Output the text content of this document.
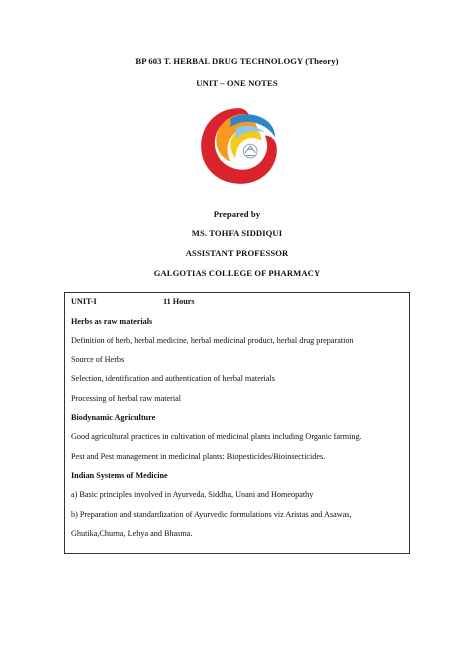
BP 603 T. HERBAL DRUG TECHNOLOGY (Theory)
UNIT – ONE NOTES
Prepared by
MS. TOHFA SIDDIQUI
ASSISTANT PROFESSOR
GALGOTIAS COLLEGE OF PHARMACY
UNIT-I	11 Hours
Herbs as raw materials
Definition of herb, herbal medicine, herbal medicinal product, herbal drug preparation
Source of Herbs
Selection, identification and authentication of herbal materials
Processing of herbal raw material
Biodynamic Agriculture
Good agricultural practices in cultivation of medicinal plants including Organic farming.
Pest and Pest management in medicinal plants: Biopesticides/Bioinsecticides.
Indian Systems of Medicine
a) Basic principles involved in Ayurveda, Siddha, Unani and Homeopathy
b) Preparation and standardization of Ayurvedic formulations viz Aristas and Asawas,
Ghutika,Churna, Lehya and Bhasma.
